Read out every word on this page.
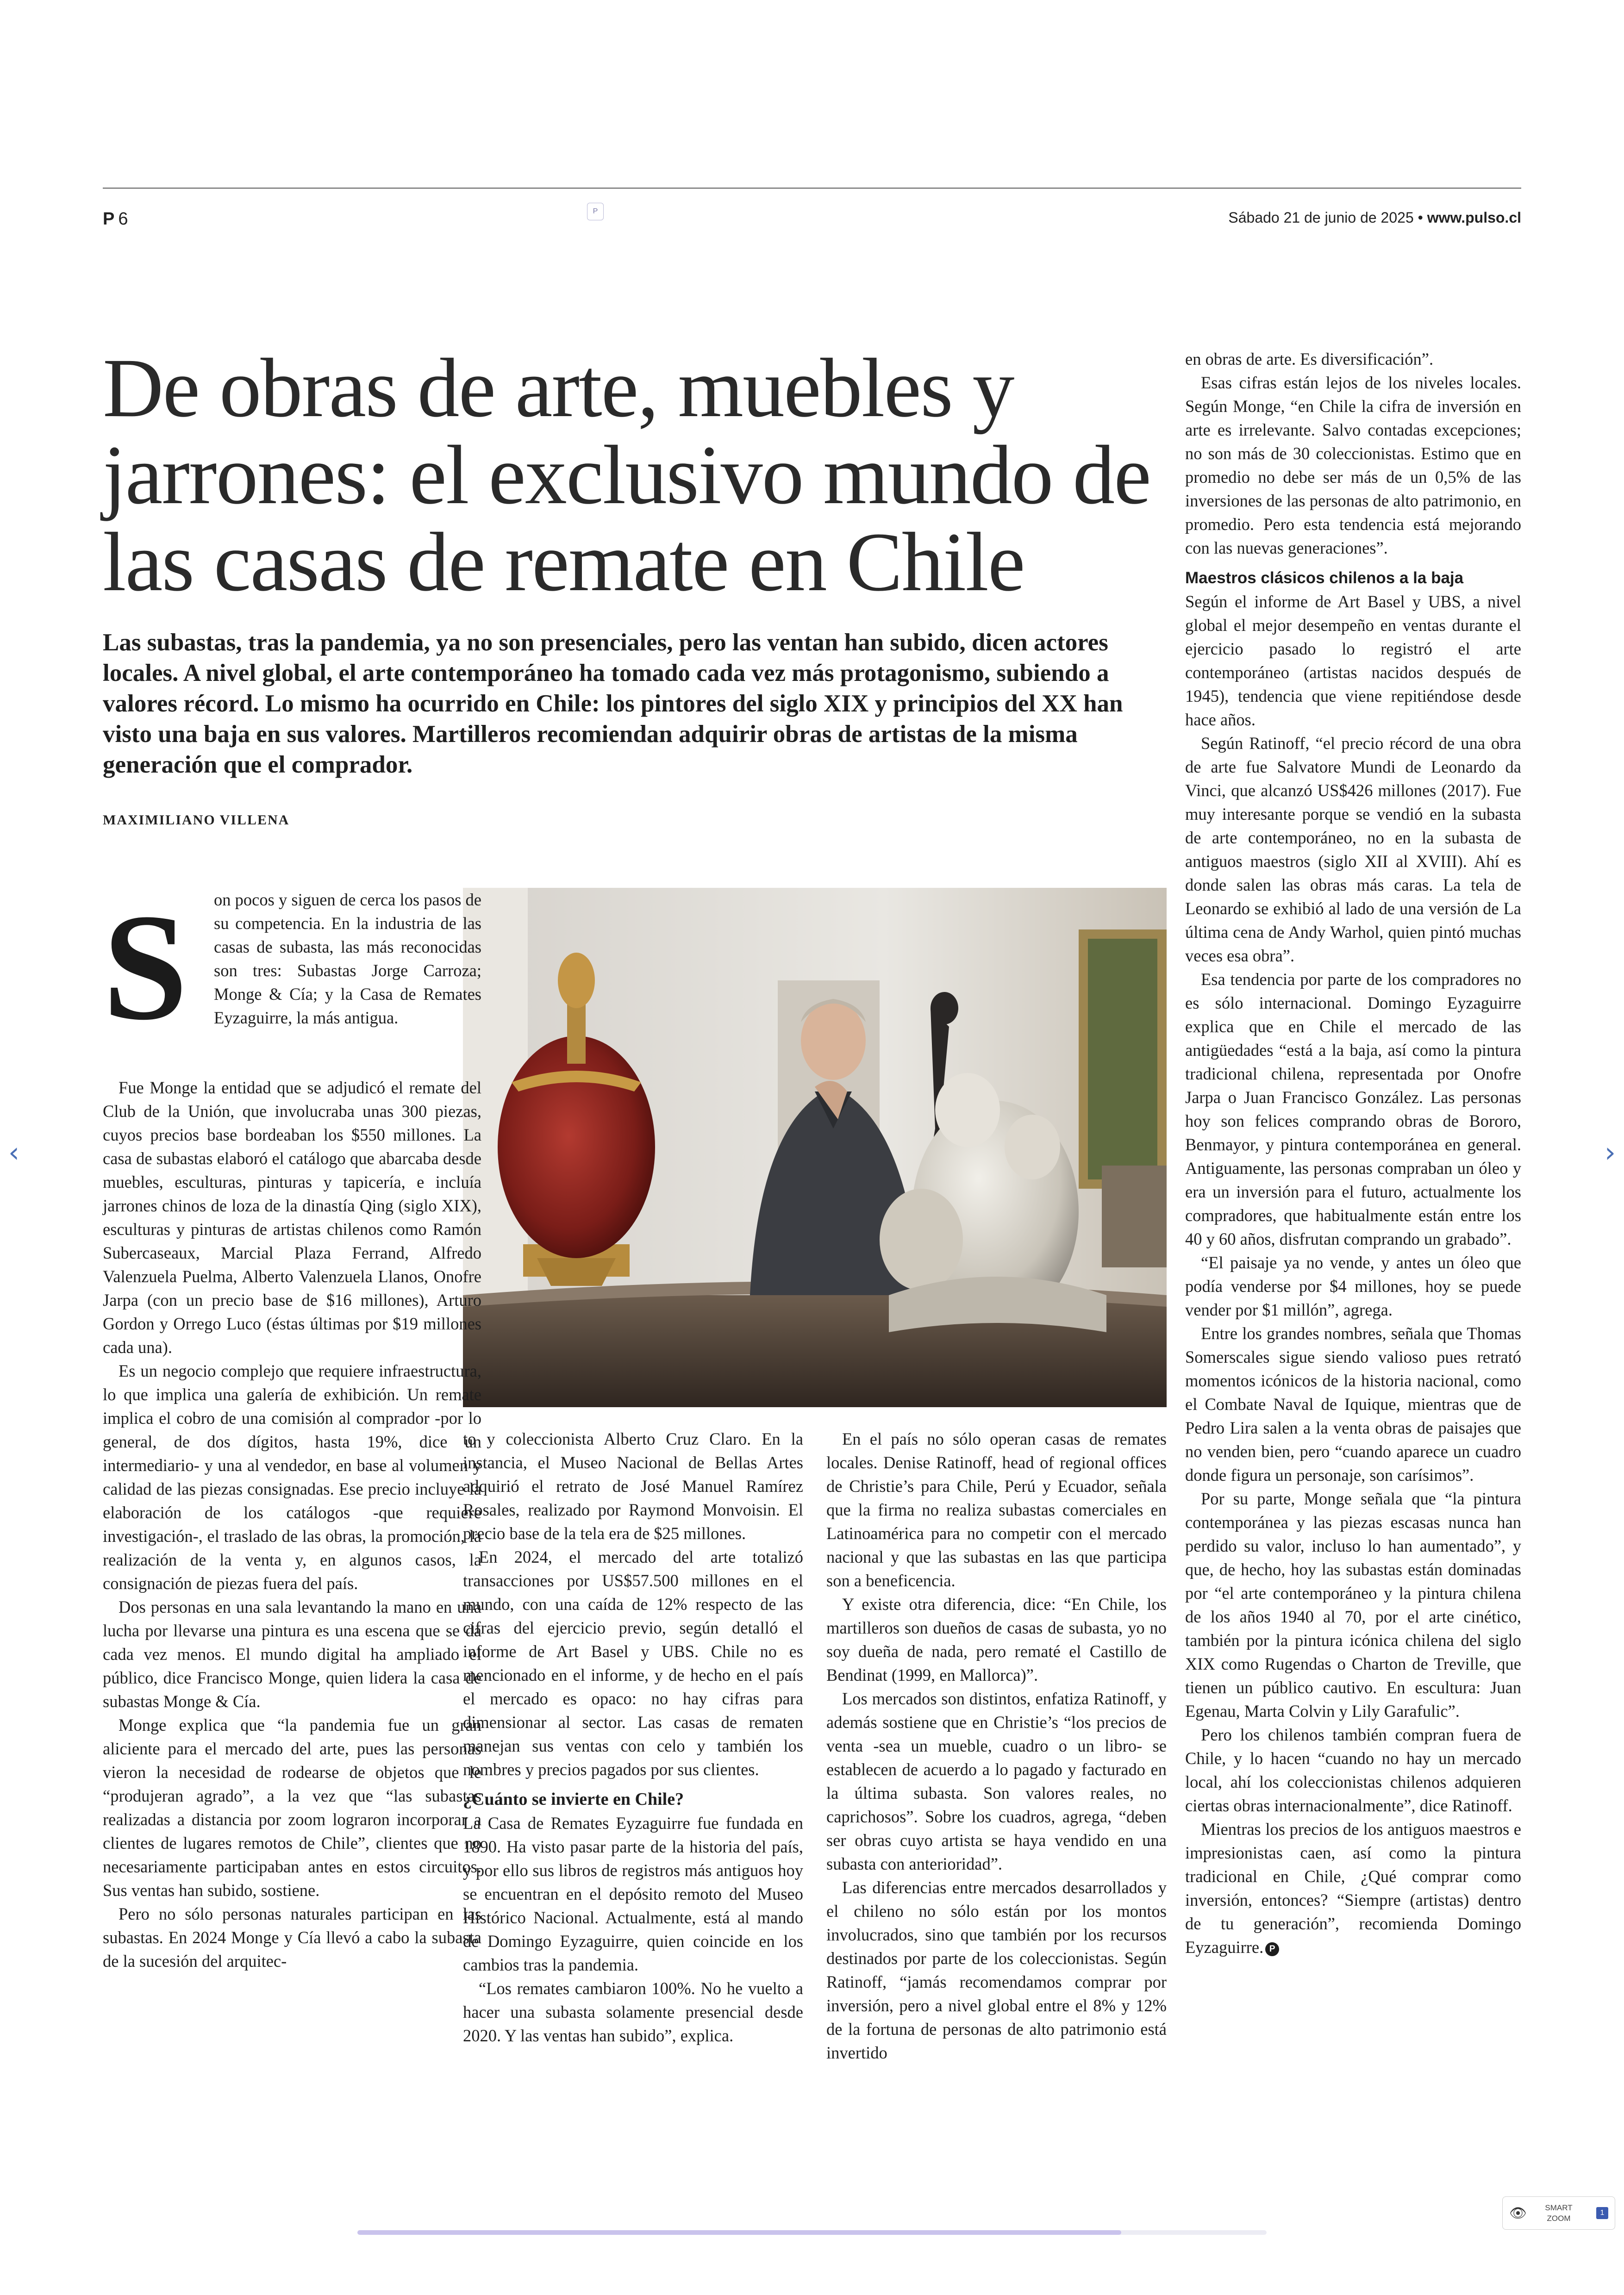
P 6	P	Sábado 21 de junio de 2025 • www.pulso.cl
De obras de arte, muebles y jarrones: el exclusivo mundo de las casas de remate en Chile

Las subastas, tras la pandemia, ya no son presenciales, pero las ventan han subido, dicen actores locales. A nivel global, el arte contemporáneo ha tomado cada vez más protagonismo, subiendo a valores récord. Lo mismo ha ocurrido en Chile: los pintores del siglo XIX y principios del XX han visto una baja en sus valores. Martilleros recomiendan adquirir obras de artistas de la misma generación que el comprador.

MAXIMILIANO VILLENA
S on pocos y siguen de cerca los pasos de su competencia. En la industria de las casas de subasta, las más reconocidas son tres: Subastas Jorge Carroza; Monge & Cía; y la Casa de Remates Eyzaguirre, la más antigua.

Fue Monge la entidad que se adjudicó el remate del Club de la Unión, que involucraba unas 300 piezas, cuyos precios base bordeaban los $550 millones. La casa de subastas elaboró el catálogo que abarcaba desde muebles, esculturas, pinturas y tapicería, e incluía jarrones chinos de loza de la dinastía Qing (siglo XIX), esculturas y pinturas de artistas chilenos como Ramón Subercaseaux, Marcial Plaza Ferrand, Alfredo Valenzuela Puelma, Alberto Valenzuela Llanos, Onofre Jarpa (con un precio base de $16 millones), Arturo Gordon y Orrego Luco (éstas últimas por $19 millones cada una).

Es un negocio complejo que requiere infraestructura, lo que implica una galería de exhibición. Un remate implica el cobro de una comisión al comprador -por lo general, de dos dígitos, hasta 19%, dice un intermediario- y una al vendedor, en base al volumen y calidad de las piezas consignadas. Ese precio incluye la elaboración de los catálogos -que requiere investigación-, el traslado de las obras, la promoción, la realización de la venta y, en algunos casos, la consignación de piezas fuera del país.

Dos personas en una sala levantando la mano en una lucha por llevarse una pintura es una escena que se da cada vez menos. El mundo digital ha ampliado el público, dice Francisco Monge, quien lidera la casa de subastas Monge & Cía.

Monge explica que “la pandemia fue un gran aliciente para el mercado del arte, pues las personas vieron la necesidad de rodearse de objetos que le “produjeran agrado”, a la vez que “las subastas realizadas a distancia por zoom lograron incorporar a clientes de lugares remotos de Chile”, clientes que no necesariamente participaban antes en estos circuitos. Sus ventas han subido, sostiene.

Pero no sólo personas naturales participan en las subastas. En 2024 Monge y Cía llevó a cabo la subasta de la sucesión del arquitec-

to y coleccionista Alberto Cruz Claro. En la instancia, el Museo Nacional de Bellas Artes adquirió el retrato de José Manuel Ramírez Rosales, realizado por Raymond Monvoisin. El precio base de la tela era de $25 millones.

En 2024, el mercado del arte totalizó transacciones por US$57.500 millones en el mundo, con una caída de 12% respecto de las cifras del ejercicio previo, según detalló el informe de Art Basel y UBS. Chile no es mencionado en el informe, y de hecho en el país el mercado es opaco: no hay cifras para dimensionar al sector. Las casas de rematen manejan sus ventas con celo y también los nombres y precios pagados por sus clientes.

¿Cuánto se invierte en Chile?

La Casa de Remates Eyzaguirre fue fundada en 1890. Ha visto pasar parte de la historia del país, y por ello sus libros de registros más antiguos hoy se encuentran en el depósito remoto del Museo Histórico Nacional. Actualmente, está al mando de Domingo Eyzaguirre, quien coincide en los cambios tras la pandemia.

“Los remates cambiaron 100%. No he vuelto a hacer una subasta solamente presencial desde 2020. Y las ventas han subido”, explica.

En el país no sólo operan casas de remates locales. Denise Ratinoff, head of regional offices de Christie’s para Chile, Perú y Ecuador, señala que la firma no realiza subastas comerciales en Latinoamérica para no competir con el mercado nacional y que las subastas en las que participa son a beneficencia.

Y existe otra diferencia, dice: “En Chile, los martilleros son dueños de casas de subasta, yo no soy dueña de nada, pero rematé el Castillo de Bendinat (1999, en Mallorca)”.

Los mercados son distintos, enfatiza Ratinoff, y además sostiene que en Christie’s “los precios de venta -sea un mueble, cuadro o un libro- se establecen de acuerdo a lo pagado y facturado en la última subasta. Son valores reales, no caprichosos”. Sobre los cuadros, agrega, “deben ser obras cuyo artista se haya vendido en una subasta con anterioridad”.

Las diferencias entre mercados desarrollados y el chileno no sólo están por los montos involucrados, sino que también por los recursos destinados por parte de los coleccionistas. Según Ratinoff, “jamás recomendamos comprar por inversión, pero a nivel global entre el 8% y 12% de la fortuna de personas de alto patrimonio está invertido

en obras de arte. Es diversificación”.

Esas cifras están lejos de los niveles locales. Según Monge, “en Chile la cifra de inversión en arte es irrelevante. Salvo contadas excepciones; no son más de 30 coleccionistas. Estimo que en promedio no debe ser más de un 0,5% de las inversiones de las personas de alto patrimonio, en promedio. Pero esta tendencia está mejorando con las nuevas generaciones”.

Maestros clásicos chilenos a la baja

Según el informe de Art Basel y UBS, a nivel global el mejor desempeño en ventas durante el ejercicio pasado lo registró el arte contemporáneo (artistas nacidos después de 1945), tendencia que viene repitiéndose desde hace años.

Según Ratinoff, “el precio récord de una obra de arte fue Salvatore Mundi de Leonardo da Vinci, que alcanzó US$426 millones (2017). Fue muy interesante porque se vendió en la subasta de arte contemporáneo, no en la subasta de antiguos maestros (siglo XII al XVIII). Ahí es donde salen las obras más caras. La tela de Leonardo se exhibió al lado de una versión de La última cena de Andy Warhol, quien pintó muchas veces esa obra”.

Esa tendencia por parte de los compradores no es sólo internacional. Domingo Eyzaguirre explica que en Chile el mercado de las antigüedades “está a la baja, así como la pintura tradicional chilena, representada por Onofre Jarpa o Juan Francisco González. Las personas hoy son felices comprando obras de Bororo, Benmayor, y pintura contemporánea en general. Antiguamente, las personas compraban un óleo y era un inversión para el futuro, actualmente los compradores, que habitualmente están entre los 40 y 60 años, disfrutan comprando un grabado”.

“El paisaje ya no vende, y antes un óleo que podía venderse por $4 millones, hoy se puede vender por $1 millón”, agrega.

Entre los grandes nombres, señala que Thomas Somerscales sigue siendo valioso pues retrató momentos icónicos de la historia nacional, como el Combate Naval de Iquique, mientras que de Pedro Lira salen a la venta obras de paisajes que no venden bien, pero “cuando aparece un cuadro donde figura un personaje, son carísimos”.

Por su parte, Monge señala que “la pintura contemporánea y las piezas escasas nunca han perdido su valor, incluso lo han aumentado”, y que, de hecho, hoy las subastas están dominadas por “el arte contemporáneo y la pintura chilena de los años 1940 al 70, por el arte cinético, también por la pintura icónica chilena del siglo XIX como Rugendas o Charton de Treville, que tienen un público cautivo. En escultura: Juan Egenau, Marta Colvin y Lily Garafulic”.

Pero los chilenos también compran fuera de Chile, y lo hacen “cuando no hay un mercado local, ahí los coleccionistas chilenos adquieren ciertas obras internacionalmente”, dice Ratinoff.

Mientras los precios de los antiguos maestros e impresionistas caen, así como la pintura tradicional en Chile, ¿Qué comprar como inversión, entonces? “Siempre (artistas) dentro de tu generación”, recomienda Domingo Eyzaguirre. P

‹	›
👁	SMART ZOOM
1
